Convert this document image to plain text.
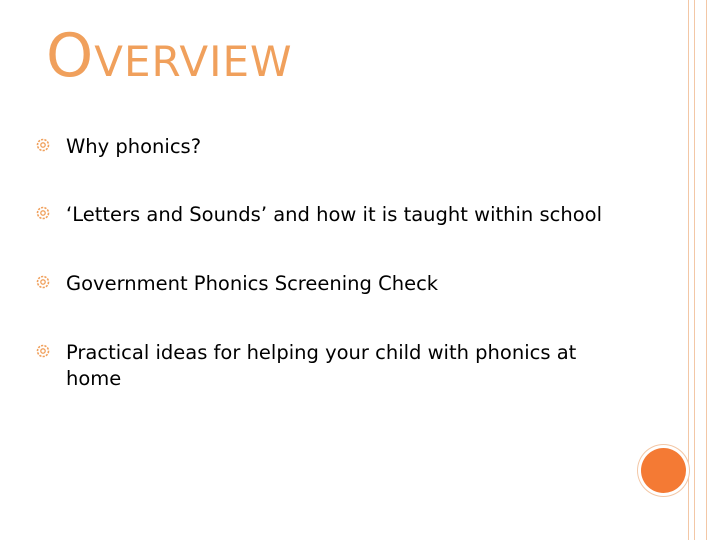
OVERVIEW
Why phonics?
‘Letters and Sounds’ and how it is taught within school
Government Phonics Screening Check
Practical ideas for helping your child with phonics at home
